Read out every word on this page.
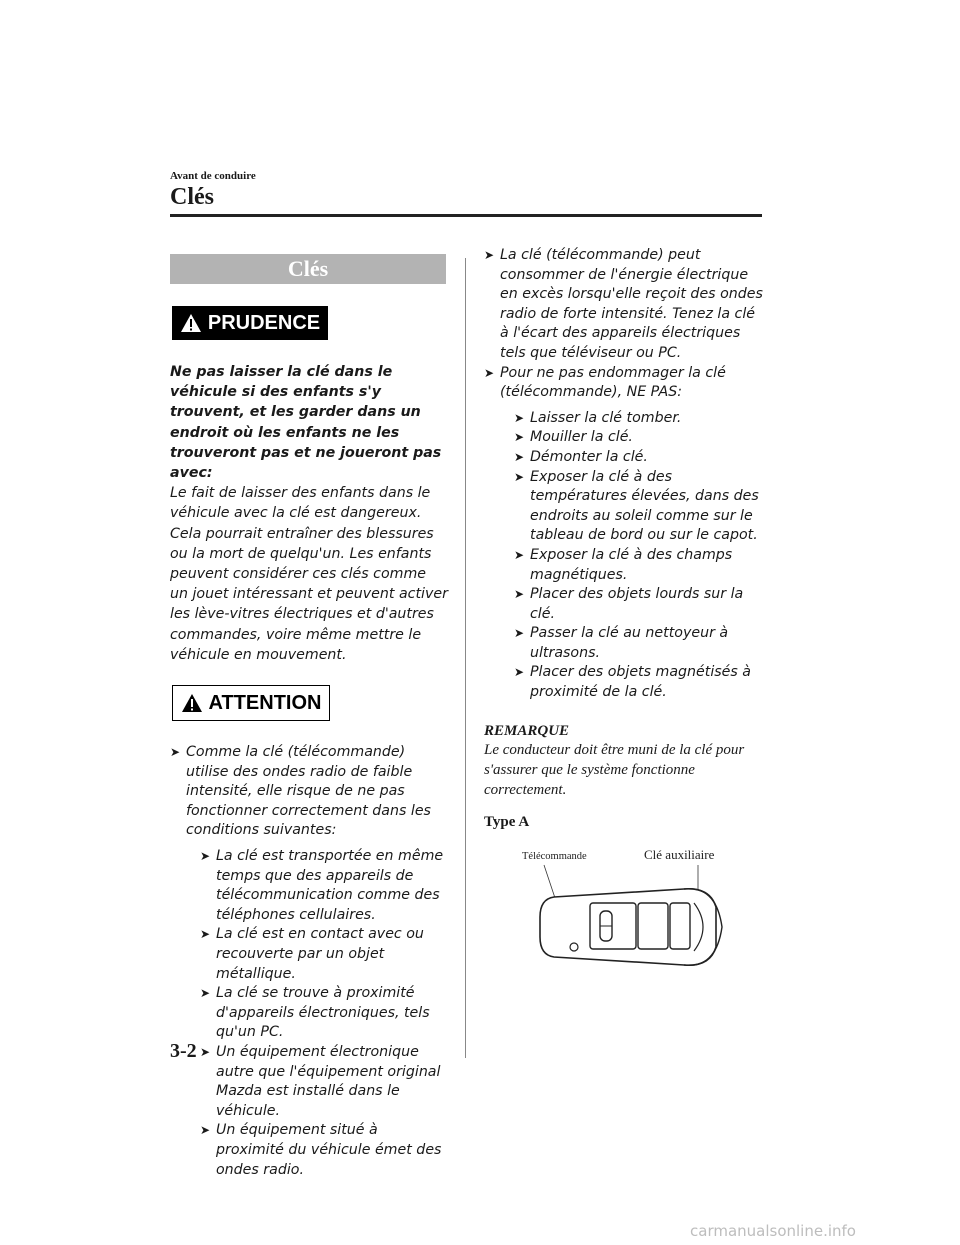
Avant de conduire
Clés
Clés
PRUDENCE
Ne pas laisser la clé dans le véhicule si des enfants s'y trouvent, et les garder dans un endroit où les enfants ne les trouveront pas et ne joueront pas avec:
Le fait de laisser des enfants dans le véhicule avec la clé est dangereux. Cela pourrait entraîner des blessures ou la mort de quelqu'un. Les enfants peuvent considérer ces clés comme un jouet intéressant et peuvent activer les lève-vitres électriques et d'autres commandes, voire même mettre le véhicule en mouvement.
ATTENTION
➤ Comme la clé (télécommande) utilise des ondes radio de faible intensité, elle risque de ne pas fonctionner correctement dans les conditions suivantes:
➤ La clé est transportée en même temps que des appareils de télécommunication comme des téléphones cellulaires.
➤ La clé est en contact avec ou recouverte par un objet métallique.
➤ La clé se trouve à proximité d'appareils électroniques, tels qu'un PC.
➤ Un équipement électronique autre que l'équipement original Mazda est installé dans le véhicule.
➤ Un équipement situé à proximité du véhicule émet des ondes radio.
➤ La clé (télécommande) peut consommer de l'énergie électrique en excès lorsqu'elle reçoit des ondes radio de forte intensité. Tenez la clé à l'écart des appareils électriques tels que téléviseur ou PC.
➤ Pour ne pas endommager la clé (télécommande), NE PAS:
➤ Laisser la clé tomber.
➤ Mouiller la clé.
➤ Démonter la clé.
➤ Exposer la clé à des températures élevées, dans des endroits au soleil comme sur le tableau de bord ou sur le capot.
➤ Exposer la clé à des champs magnétiques.
➤ Placer des objets lourds sur la clé.
➤ Passer la clé au nettoyeur à ultrasons.
➤ Placer des objets magnétisés à proximité de la clé.
REMARQUE
Le conducteur doit être muni de la clé pour s'assurer que le système fonctionne correctement.
Type A
Télécommande	Clé auxiliaire
3-2
carmanualsonline.info
